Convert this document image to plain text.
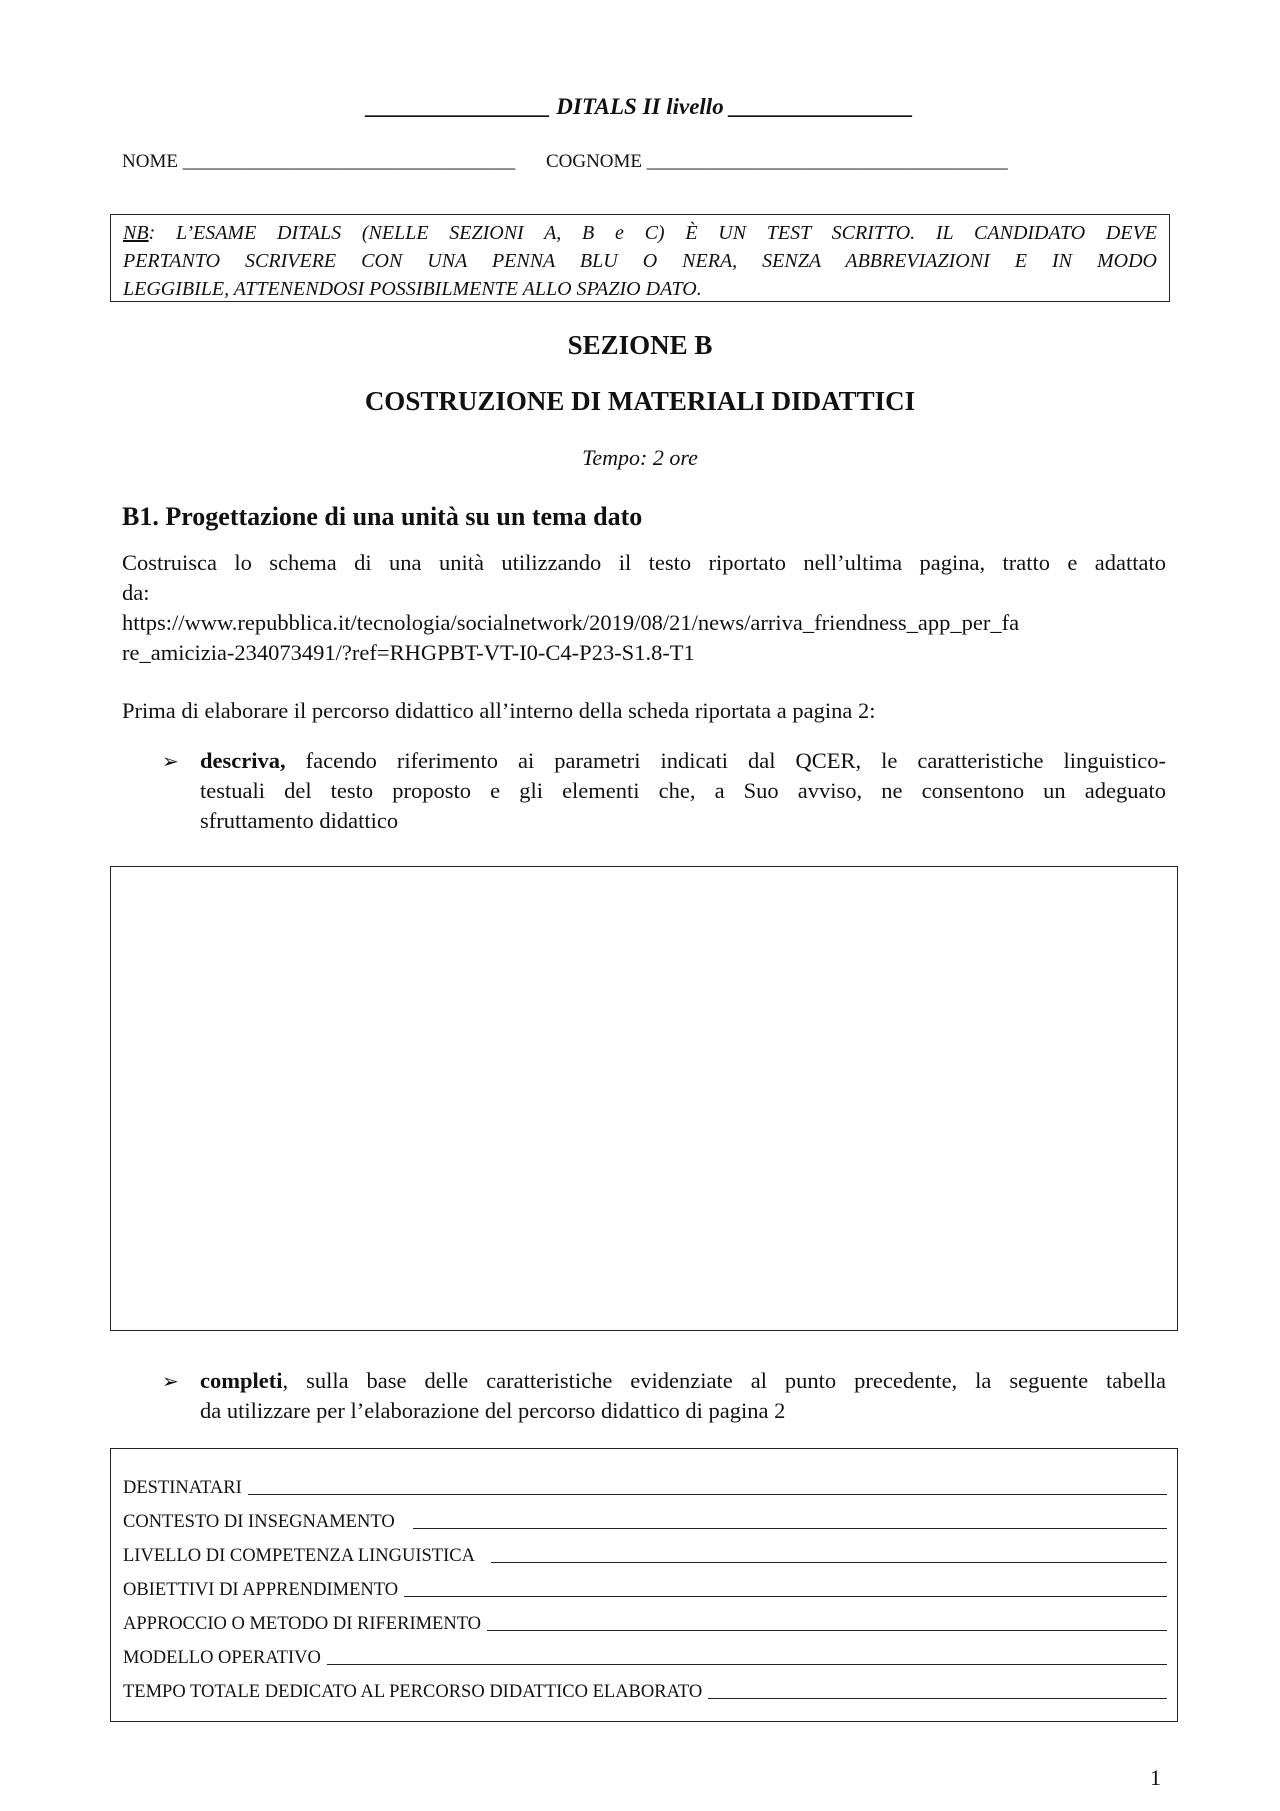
________________ DITALS II livello ________________
NOME ___________________________________ COGNOME ______________________________________
NB: L’ESAME DITALS (NELLE SEZIONI A, B e C) È UN TEST SCRITTO. IL CANDIDATO DEVE
PERTANTO SCRIVERE CON UNA PENNA BLU O NERA, SENZA ABBREVIAZIONI E IN MODO
LEGGIBILE, ATTENENDOSI POSSIBILMENTE ALLO SPAZIO DATO.
SEZIONE B
COSTRUZIONE DI MATERIALI DIDATTICI
Tempo: 2 ore
B1. Progettazione di una unità su un tema dato
Costruisca lo schema di una unità utilizzando il testo riportato nell’ultima pagina, tratto e adattato
da:
https://www.repubblica.it/tecnologia/socialnetwork/2019/08/21/news/arriva_friendness_app_per_fa
re_amicizia-234073491/?ref=RHGPBT-VT-I0-C4-P23-S1.8-T1
Prima di elaborare il percorso didattico all’interno della scheda riportata a pagina 2:
➢ descriva, facendo riferimento ai parametri indicati dal QCER, le caratteristiche linguistico-
testuali del testo proposto e gli elementi che, a Suo avviso, ne consentono un adeguato
sfruttamento didattico
➢ completi, sulla base delle caratteristiche evidenziate al punto precedente, la seguente tabella
da utilizzare per l’elaborazione del percorso didattico di pagina 2
DESTINATARI
CONTESTO DI INSEGNAMENTO
LIVELLO DI COMPETENZA LINGUISTICA
OBIETTIVI DI APPRENDIMENTO
APPROCCIO O METODO DI RIFERIMENTO
MODELLO OPERATIVO
TEMPO TOTALE DEDICATO AL PERCORSO DIDATTICO ELABORATO
1
